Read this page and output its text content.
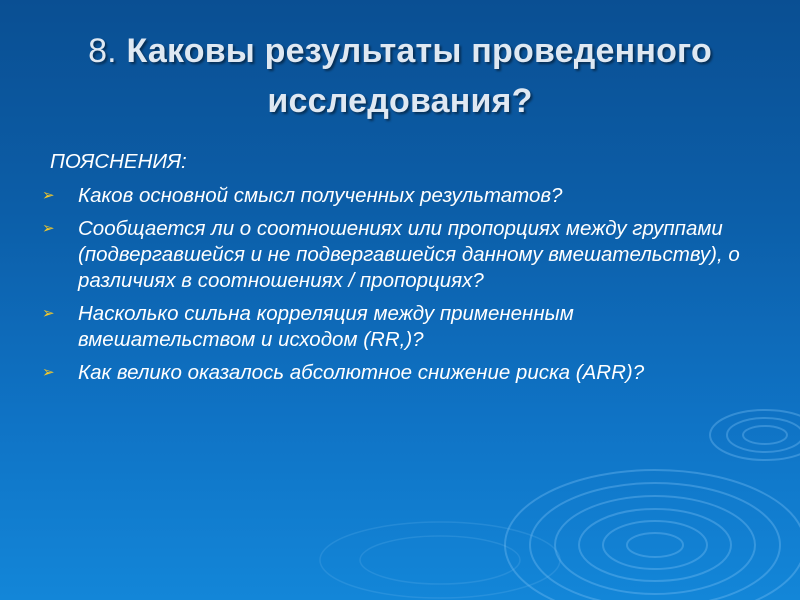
8. Каковы результаты проведенного исследования?
ПОЯСНЕНИЯ:
➢ Каков основной смысл полученных результатов?
➢ Сообщается ли о соотношениях или пропорциях между группами (подвергавшейся и не подвергавшейся данному вмешательству), о различиях в соотношениях / пропорциях?
➢ Насколько сильна корреляция между примененным вмешательством и исходом (RR,)?
➢ Как велико оказалось абсолютное снижение риска (ARR)?
